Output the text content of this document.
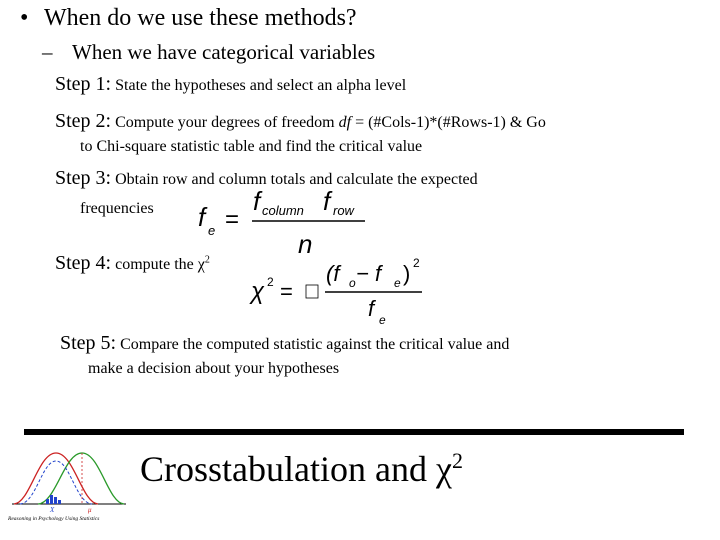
• When do we use these methods?
– When we have categorical variables
Step 1: State the hypotheses and select an alpha level
Step 2: Compute your degrees of freedom df = (#Cols-1)*(#Rows-1) & Go
to Chi-square statistic table and find the critical value
Step 3: Obtain row and column totals and calculate the expected
frequencies f e
f column f row
n
=
Step 4: compute the $\chi^2$
χ 2 =
(f o − f e ) 2
f e
Step 5: Compare the computed statistic against the critical value and
make a decision about your hypotheses
X	μ
Reasoning in Psychology Using Statistics
Crosstabulation and $\chi^2$
